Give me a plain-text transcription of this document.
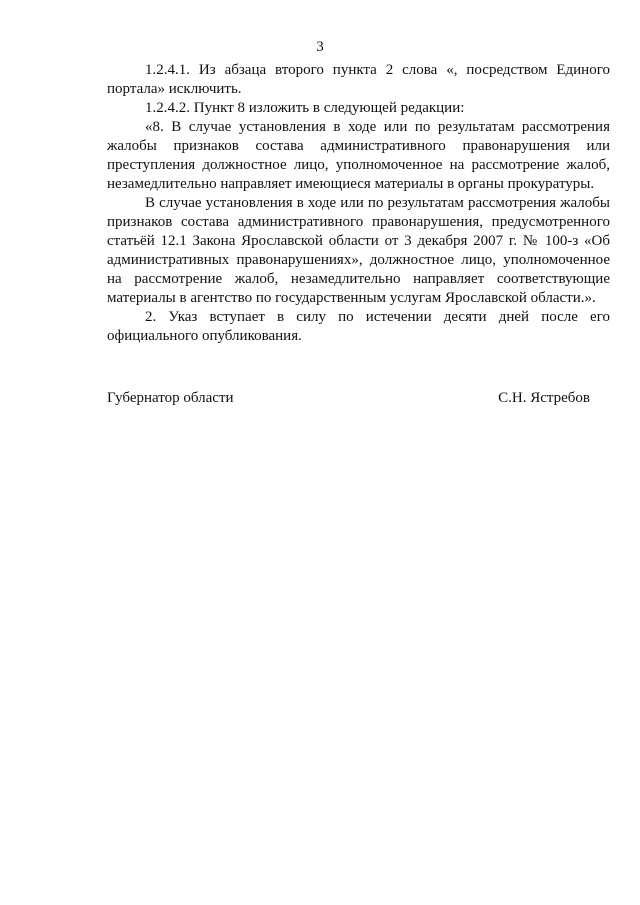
3

1.2.4.1. Из абзаца второго пункта 2 слова «, посредством Единого портала» исключить.

1.2.4.2. Пункт 8 изложить в следующей редакции:

«8. В случае установления в ходе или по результатам рассмотрения жалобы признаков состава административного правонарушения или преступления должностное лицо, уполномоченное на рассмотрение жалоб, незамедлительно направляет имеющиеся материалы в органы прокуратуры.

В случае установления в ходе или по результатам рассмотрения жалобы признаков состава административного правонарушения, предусмотренного статьёй 12.1 Закона Ярославской области от 3 декабря 2007 г. № 100-з «Об административных правонарушениях», должностное лицо, уполномоченное на рассмотрение жалоб, незамедлительно направляет соответствующие материалы в агентство по государственным услугам Ярославской области.».

2. Указ вступает в силу по истечении десяти дней после его официального опубликования.

Губернатор области	С.Н. Ястребов
